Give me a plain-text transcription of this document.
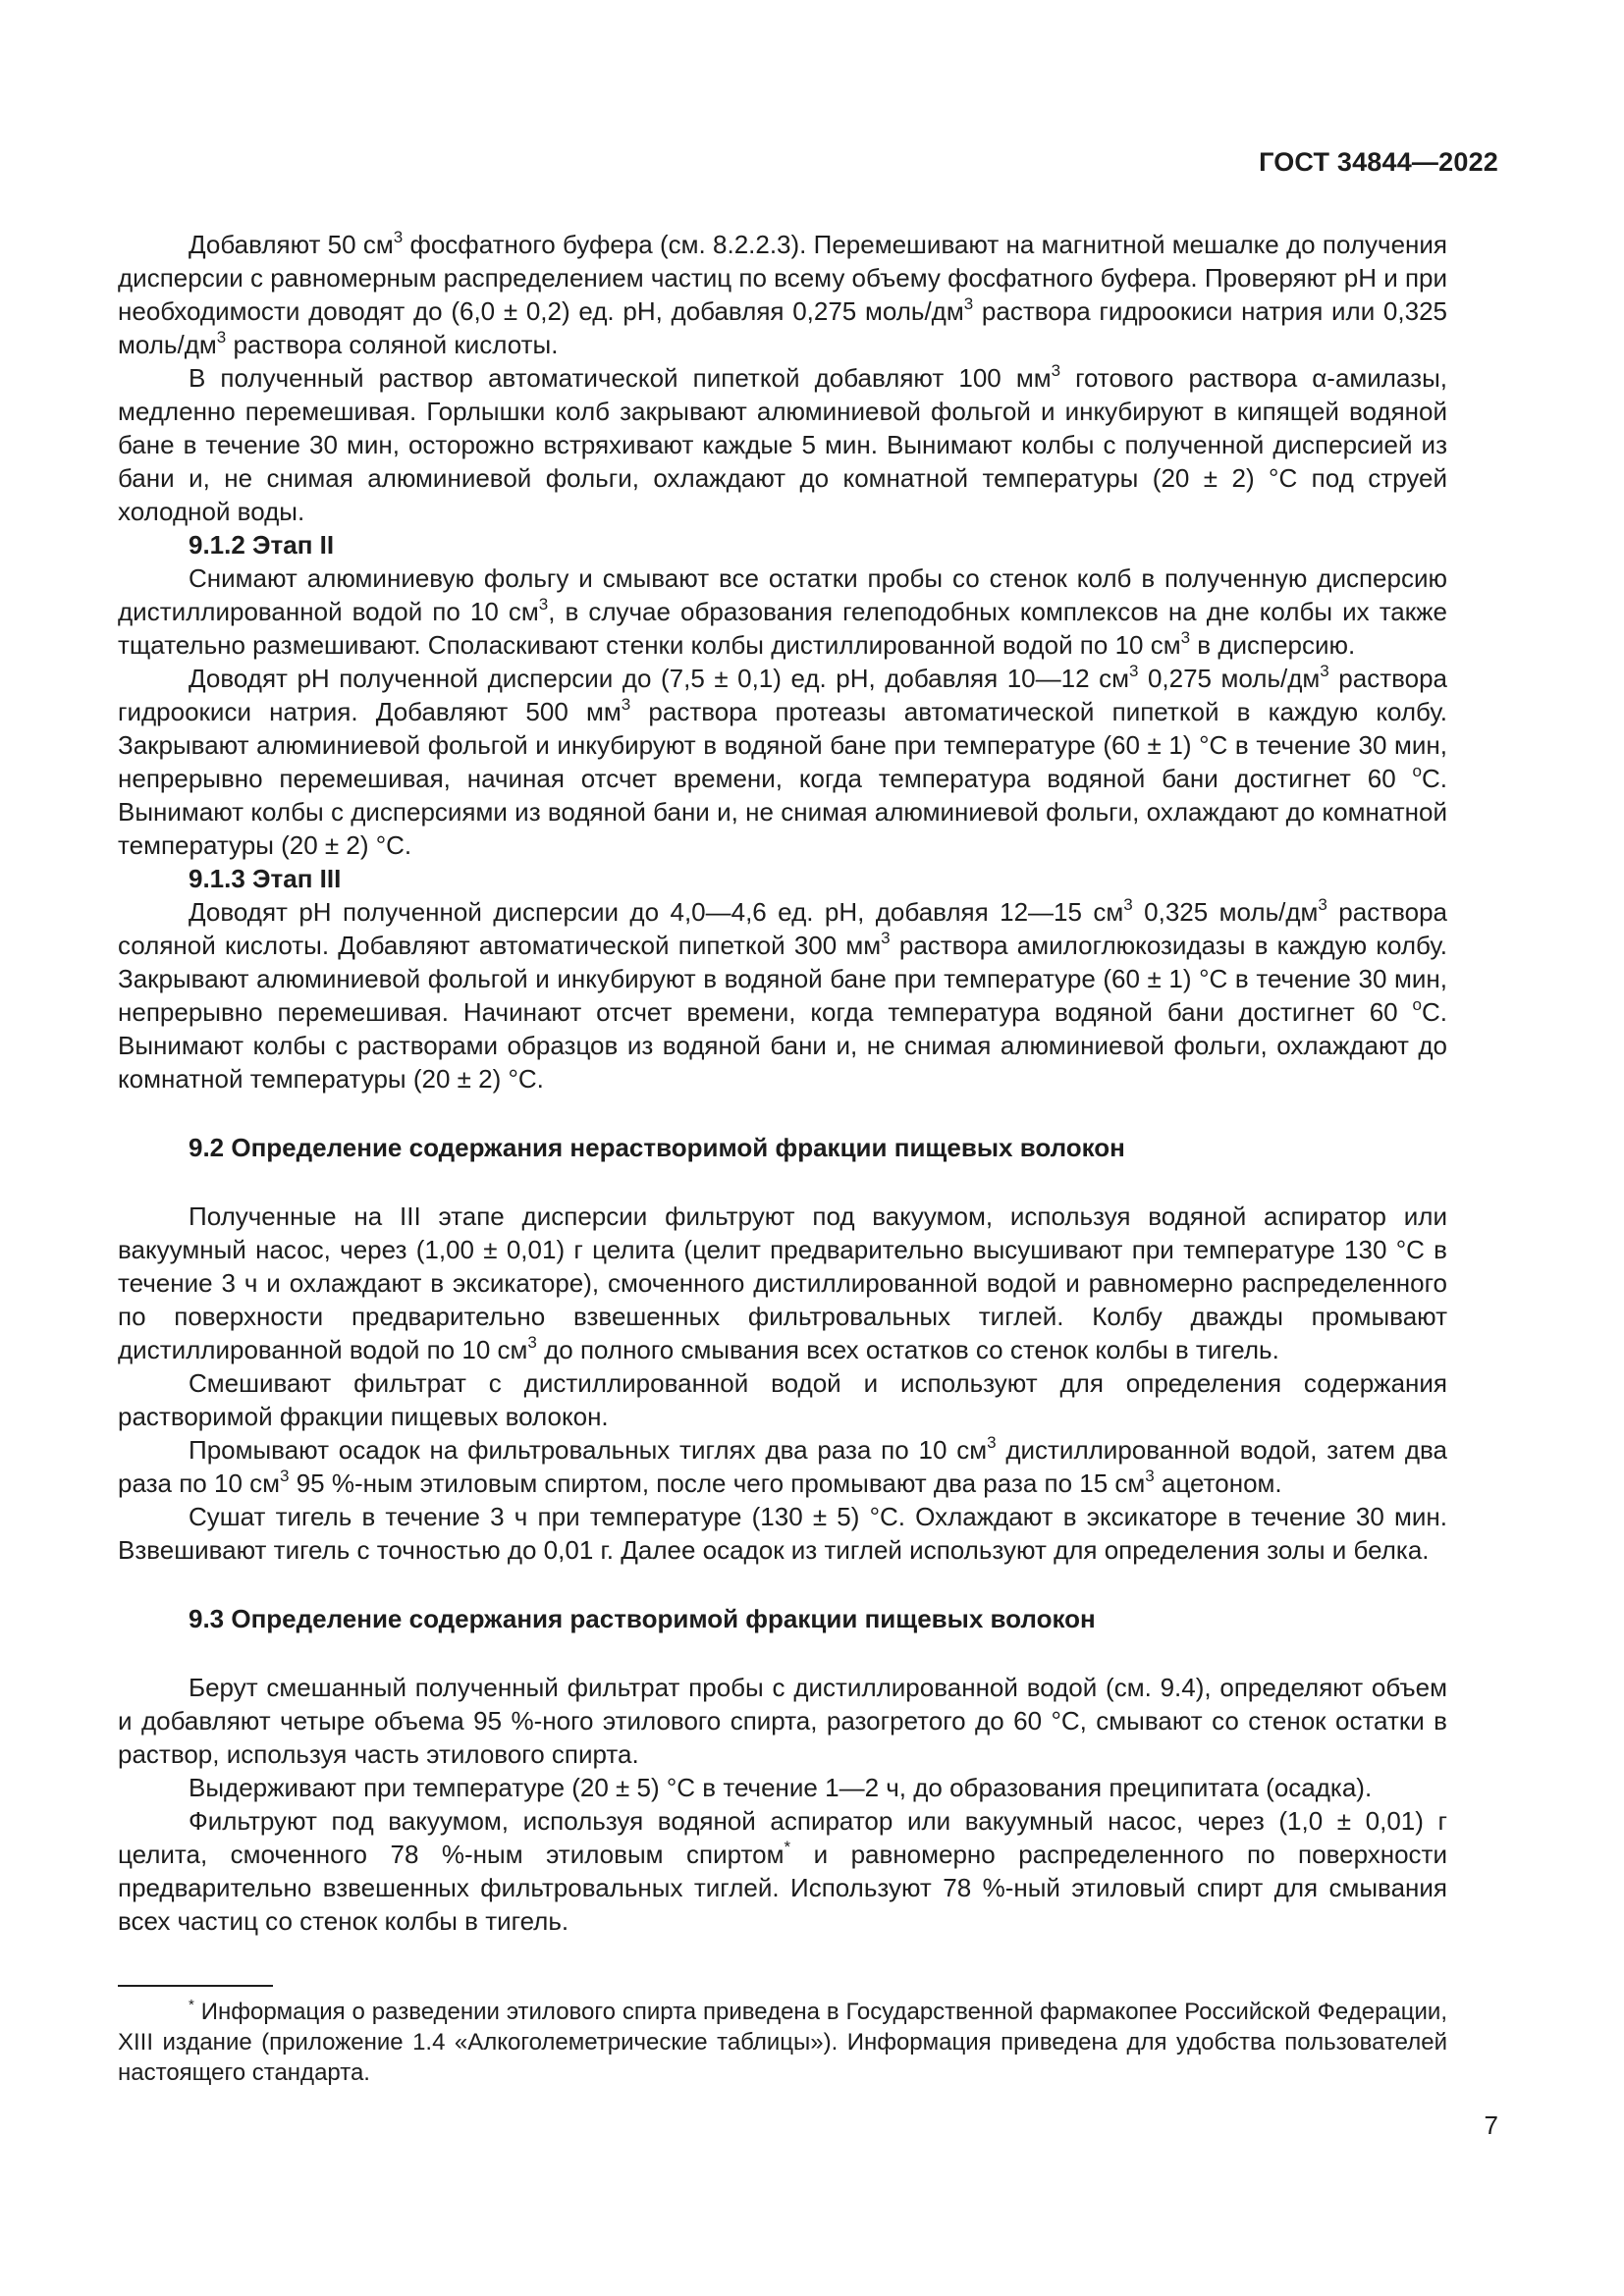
ГОСТ 34844—2022

Добавляют 50 $см^3$ фосфатного буфера (см. 8.2.2.3). Перемешивают на магнитной мешалке до получения дисперсии с равномерным распределением частиц по всему объему фосфатного буфера. Проверяют pH и при необходимости доводят до (6,0 ± 0,2) ед. pH, добавляя 0,275 моль/$дм^3$ раствора гидроокиси натрия или 0,325 моль/$дм^3$ раствора соляной кислоты.

В полученный раствор автоматической пипеткой добавляют 100 $мм^3$ готового раствора α-амилазы, медленно перемешивая. Горлышки колб закрывают алюминиевой фольгой и инкубируют в кипящей водяной бане в течение 30 мин, осторожно встряхивают каждые 5 мин. Вынимают колбы с полученной дисперсией из бани и, не снимая алюминиевой фольги, охлаждают до комнатной температуры (20 ± 2) °С под струей холодной воды.

9.1.2 Этап II

Снимают алюминиевую фольгу и смывают все остатки пробы со стенок колб в полученную дисперсию дистиллированной водой по 10 $см^3$, в случае образования гелеподобных комплексов на дне колбы их также тщательно размешивают. Споласкивают стенки колбы дистиллированной водой по 10 $см^3$ в дисперсию.

Доводят pH полученной дисперсии до (7,5 ± 0,1) ед. pH, добавляя 10—12 $см^3$ 0,275 моль/$дм^3$ раствора гидроокиси натрия. Добавляют 500 $мм^3$ раствора протеазы автоматической пипеткой в каждую колбу. Закрывают алюминиевой фольгой и инкубируют в водяной бане при температуре (60 ± 1) °С в течение 30 мин, непрерывно перемешивая, начиная отсчет времени, когда температура водяной бани достигнет 60 $^о$С. Вынимают колбы с дисперсиями из водяной бани и, не снимая алюминиевой фольги, охлаждают до комнатной температуры (20 ± 2) °С.

9.1.3 Этап III

Доводят pH полученной дисперсии до 4,0—4,6 ед. pH, добавляя 12—15 $см^3$ 0,325 моль/$дм^3$ раствора соляной кислоты. Добавляют автоматической пипеткой 300 $мм^3$ раствора амилоглюкозидазы в каждую колбу. Закрывают алюминиевой фольгой и инкубируют в водяной бане при температуре (60 ± 1) °С в течение 30 мин, непрерывно перемешивая. Начинают отсчет времени, когда температура водяной бани достигнет 60 $^о$С. Вынимают колбы с растворами образцов из водяной бани и, не снимая алюминиевой фольги, охлаждают до комнатной температуры (20 ± 2) °С.

9.2 Определение содержания нерастворимой фракции пищевых волокон

Полученные на III этапе дисперсии фильтруют под вакуумом, используя водяной аспиратор или вакуумный насос, через (1,00 ± 0,01) г целита (целит предварительно высушивают при температуре 130 °С в течение 3 ч и охлаждают в эксикаторе), смоченного дистиллированной водой и равномерно распределенного по поверхности предварительно взвешенных фильтровальных тиглей. Колбу дважды промывают дистиллированной водой по 10 $см^3$ до полного смывания всех остатков со стенок колбы в тигель.

Смешивают фильтрат с дистиллированной водой и используют для определения содержания растворимой фракции пищевых волокон.

Промывают осадок на фильтровальных тиглях два раза по 10 $см^3$ дистиллированной водой, затем два раза по 10 $см^3$ 95 %-ным этиловым спиртом, после чего промывают два раза по 15 $см^3$ ацетоном.

Сушат тигель в течение 3 ч при температуре (130 ± 5) °С. Охлаждают в эксикаторе в течение 30 мин. Взвешивают тигель с точностью до 0,01 г. Далее осадок из тиглей используют для определения золы и белка.

9.3 Определение содержания растворимой фракции пищевых волокон

Берут смешанный полученный фильтрат пробы с дистиллированной водой (см. 9.4), определяют объем и добавляют четыре объема 95 %-ного этилового спирта, разогретого до 60 °С, смывают со стенок остатки в раствор, используя часть этилового спирта.

Выдерживают при температуре (20 ± 5) °С в течение 1—2 ч, до образования преципитата (осадка).

Фильтруют под вакуумом, используя водяной аспиратор или вакуумный насос, через (1,0 ± 0,01) г целита, смоченного 78 %-ным этиловым спиртом* и равномерно распределенного по поверхности предварительно взвешенных фильтровальных тиглей. Используют 78 %-ный этиловый спирт для смывания всех частиц со стенок колбы в тигель.

* Информация о разведении этилового спирта приведена в Государственной фармакопее Российской Федерации, XIII издание (приложение 1.4 «Алкоголеметрические таблицы»). Информация приведена для удобства пользователей настоящего стандарта.

7
